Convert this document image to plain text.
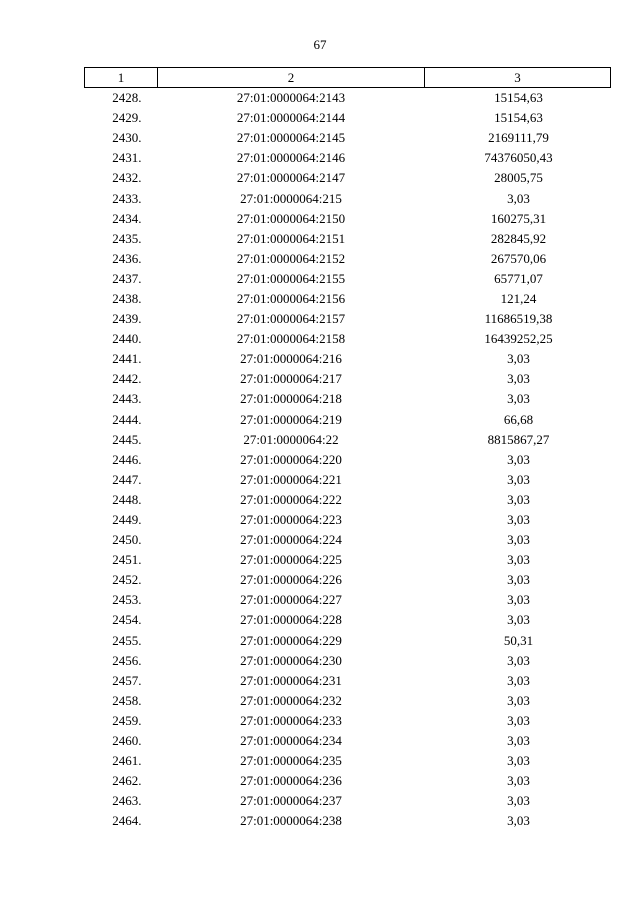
67
1	2	3
2428.	27:01:0000064:2143	15154,63
2429.	27:01:0000064:2144	15154,63
2430.	27:01:0000064:2145	2169111,79
2431.	27:01:0000064:2146	74376050,43
2432.	27:01:0000064:2147	28005,75
2433.	27:01:0000064:215	3,03
2434.	27:01:0000064:2150	160275,31
2435.	27:01:0000064:2151	282845,92
2436.	27:01:0000064:2152	267570,06
2437.	27:01:0000064:2155	65771,07
2438.	27:01:0000064:2156	121,24
2439.	27:01:0000064:2157	11686519,38
2440.	27:01:0000064:2158	16439252,25
2441.	27:01:0000064:216	3,03
2442.	27:01:0000064:217	3,03
2443.	27:01:0000064:218	3,03
2444.	27:01:0000064:219	66,68
2445.	27:01:0000064:22	8815867,27
2446.	27:01:0000064:220	3,03
2447.	27:01:0000064:221	3,03
2448.	27:01:0000064:222	3,03
2449.	27:01:0000064:223	3,03
2450.	27:01:0000064:224	3,03
2451.	27:01:0000064:225	3,03
2452.	27:01:0000064:226	3,03
2453.	27:01:0000064:227	3,03
2454.	27:01:0000064:228	3,03
2455.	27:01:0000064:229	50,31
2456.	27:01:0000064:230	3,03
2457.	27:01:0000064:231	3,03
2458.	27:01:0000064:232	3,03
2459.	27:01:0000064:233	3,03
2460.	27:01:0000064:234	3,03
2461.	27:01:0000064:235	3,03
2462.	27:01:0000064:236	3,03
2463.	27:01:0000064:237	3,03
2464.	27:01:0000064:238	3,03
